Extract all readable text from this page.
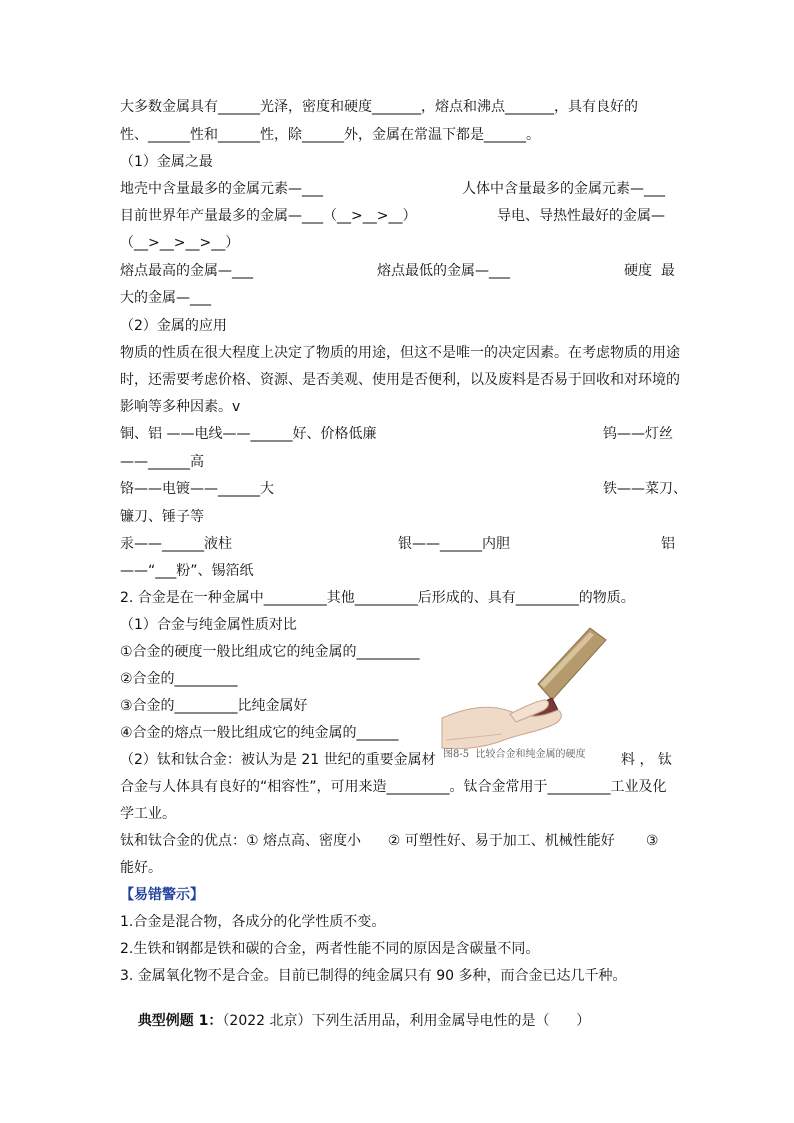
大多数金属具有______光泽，密度和硬度_______，熔点和沸点_______，具有良好的
性、______性和______性，除______外，金属在常温下都是______。
（1）金属之最
地壳中含量最多的金属元素—___	人体中含量最多的金属元素—___
目前世界年产量最多的金属—___（__>__>__）	导电、导热性最好的金属—
（__>__>__>__）
熔点最高的金属—___	熔点最低的金属—___	硬度  最
大的金属—___
（2）金属的应用
物质的性质在很大程度上决定了物质的用途，但这不是唯一的决定因素。在考虑物质的用途
时，还需要考虑价格、资源、是否美观、使用是否便利，以及废料是否易于回收和对环境的
影响等多种因素。v
铜、铝 ——电线——______好、价格低廉	钨——灯丝
——______高
铬——电镀——______大	铁——菜刀、
镰刀、锤子等
汞——______液柱	银——______内胆	铝
——“___粉”、锡箔纸
2. 合金是在一种金属中_________其他_________后形成的、具有_________的物质。
（1）合金与纯金属性质对比
①合金的硬度一般比组成它的纯金属的_________
②合金的_________
③合金的_________比纯金属好
④合金的熔点一般比组成它的纯金属的______
图8-5  比较合金和纯金属的硬度
（2）钛和钛合金：被认为是 21 世纪的重要金属材	料 ， 钛
合金与人体具有良好的“相容性”，可用来造_________。钛合金常用于_________工业及化
学工业。
钛和钛合金的优点：① 熔点高、密度小      ② 可塑性好、易于加工、机械性能好       ③
能好。
【易错警示】
1.合金是混合物，各成分的化学性质不变。
2.生铁和钢都是铁和碳的合金，两者性能不同的原因是含碳量不同。
3. 金属氧化物不是合金。目前已制得的纯金属只有 90 多种，而合金已达几千种。

典型例题 1：（2022 北京）下列生活用品，利用金属导电性的是（      ）
